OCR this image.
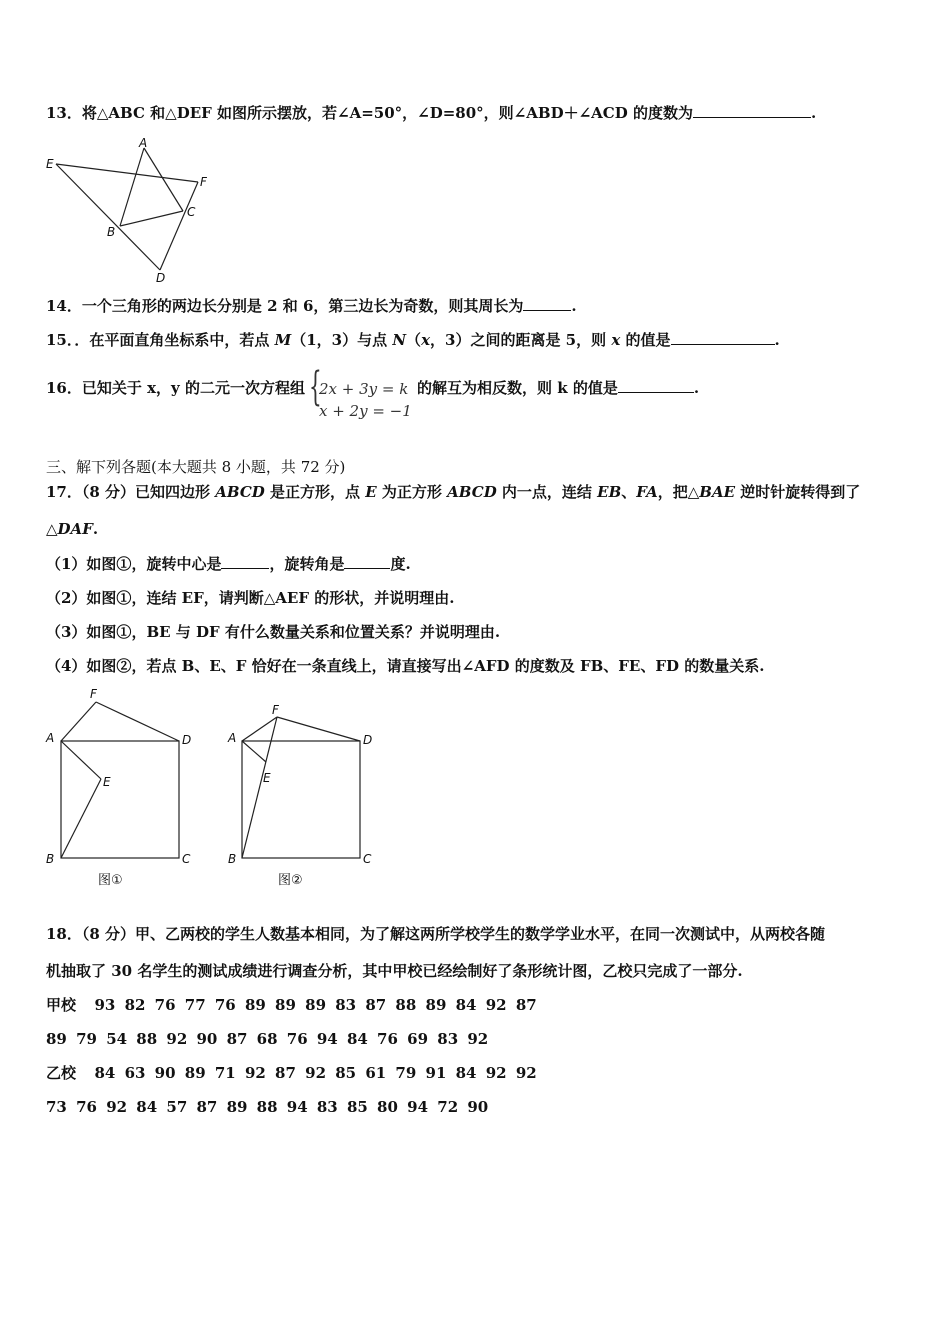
13．将△ABC 和△DEF 如图所示摆放，若∠A=50°，∠D=80°，则∠ABD＋∠ACD 的度数为	.
A
E
F
C
B
D
14．一个三角形的两边长分别是 2 和 6，第三边长为奇数，则其周长为	.
15．．在平面直角坐标系中，若点 M（1，3）与点 N（x，3）之间的距离是 5，则 x 的值是	.
16．已知关于 x，y 的二元一次方程组 {
2x + 3y = k
x + 2y = −1
的解互为相反数，则 k 的值是	.
三、解下列各题(本大题共 8 小题，共 72 分)
17．（8 分）已知四边形 ABCD 是正方形，点 E 为正方形 ABCD 内一点，连结 EB、FA，把△BAE 逆时针旋转得到了
△DAF.
（1）如图①，旋转中心是	，旋转角是	度.
（2）如图①，连结 EF，请判断△AEF 的形状，并说明理由.
（3）如图①，BE 与 DF 有什么数量关系和位置关系？并说明理由.
（4）如图②，若点 B、E、F 恰好在一条直线上，请直接写出∠AFD 的度数及 FB、FE、FD 的数量关系.
F
A	D
E
B	C
图①
F
A	D
E
B	C
图②
18．（8 分）甲、乙两校的学生人数基本相同，为了解这两所学校学生的数学学业水平，在同一次测试中，从两校各随
机抽取了 30 名学生的测试成绩进行调查分析，其中甲校已经绘制好了条形统计图，乙校只完成了一部分.
甲校 93 82 76 77 76 89 89 89 83 87 88 89 84 92 87
89 79 54 88 92 90 87 68 76 94 84 76 69 83 92
乙校 84 63 90 89 71 92 87 92 85 61 79 91 84 92 92
73 76 92 84 57 87 89 88 94 83 85 80 94 72 90
